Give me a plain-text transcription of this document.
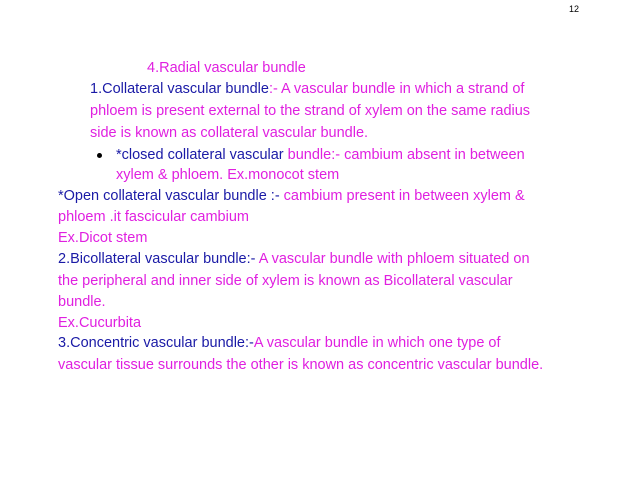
12
4.Radial vascular bundle
1.Collateral vascular bundle:- A vascular bundle in which a strand of
phloem is present external to the strand of xylem on the same radius
side is known as collateral vascular bundle.
*closed collateral vascular bundle:- cambium absent in between
xylem & phloem. Ex.monocot stem
*Open collateral vascular bundle :- cambium present in between xylem &
phloem .it fascicular cambium
Ex.Dicot stem
2.Bicollateral vascular bundle:- A vascular bundle with phloem situated on
the peripheral and inner side of xylem is known as Bicollateral vascular
bundle.
Ex.Cucurbita
3.Concentric vascular bundle:-A vascular bundle in which one type of
vascular tissue surrounds the other is known as concentric vascular bundle.
